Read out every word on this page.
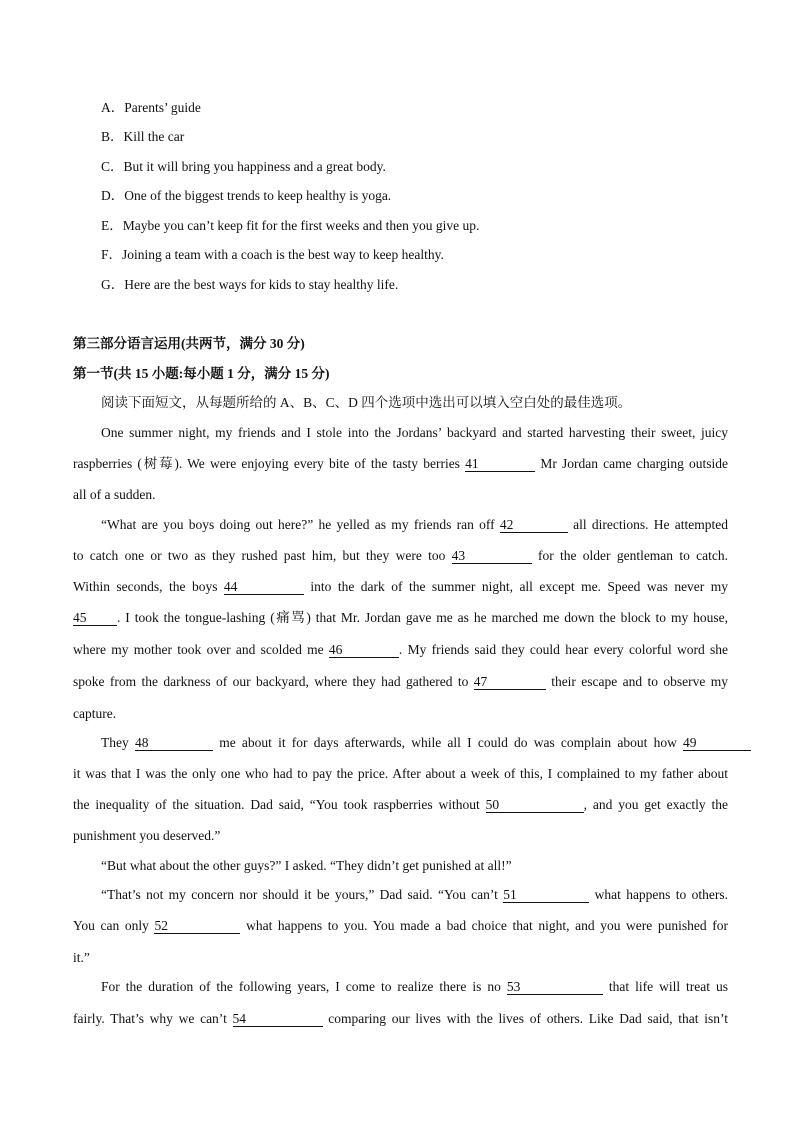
A．Parents’ guide
B．Kill the car
C．But it will bring you happiness and a great body.
D．One of the biggest trends to keep healthy is yoga.
E．Maybe you can’t keep fit for the first weeks and then you give up.
F．Joining a team with a coach is the best way to keep healthy.
G．Here are the best ways for kids to stay healthy life.
第三部分语言运用(共两节，满分 30 分)
第一节(共 15 小题:每小题 1 分，满分 15 分)
阅读下面短文，从每题所给的 A、B、C、D 四个选项中选出可以填入空白处的最佳选项。
One summer night, my friends and I stole into the Jordans’ backyard and started harvesting their sweet, juicy
raspberries (树莓). We were enjoying every bite of the tasty berries 41	Mr Jordan came charging outside
all of a sudden.
“What are you boys doing out here?” he yelled as my friends ran off 42	all directions. He attempted
to catch one or two as they rushed past him, but they were too 43	for the older gentleman to catch.
Within seconds, the boys 44	into the dark of the summer night, all except me. Speed was never my
45 . I took the tongue-lashing (痛骂) that Mr. Jordan gave me as he marched me down the block to my house,
where my mother took over and scolded me 46	. My friends said they could hear every colorful word she
spoke from the darkness of our backyard, where they had gathered to 47	their escape and to observe my
capture.
They 48	me about it for days afterwards, while all I could do was complain about how 49
it was that I was the only one who had to pay the price. After about a week of this, I complained to my father about
the inequality of the situation. Dad said, “You took raspberries without 50	, and you get exactly the
punishment you deserved.”
“But what about the other guys?” I asked. “They didn’t get punished at all!”
“That’s not my concern nor should it be yours,” Dad said. “You can’t 51	what happens to others.
You can only 52	what happens to you. You made a bad choice that night, and you were punished for
it.”
For the duration of the following years, I come to realize there is no 53	that life will treat us
fairly. That’s why we can’t 54	comparing our lives with the lives of others. Like Dad said, that isn’t
